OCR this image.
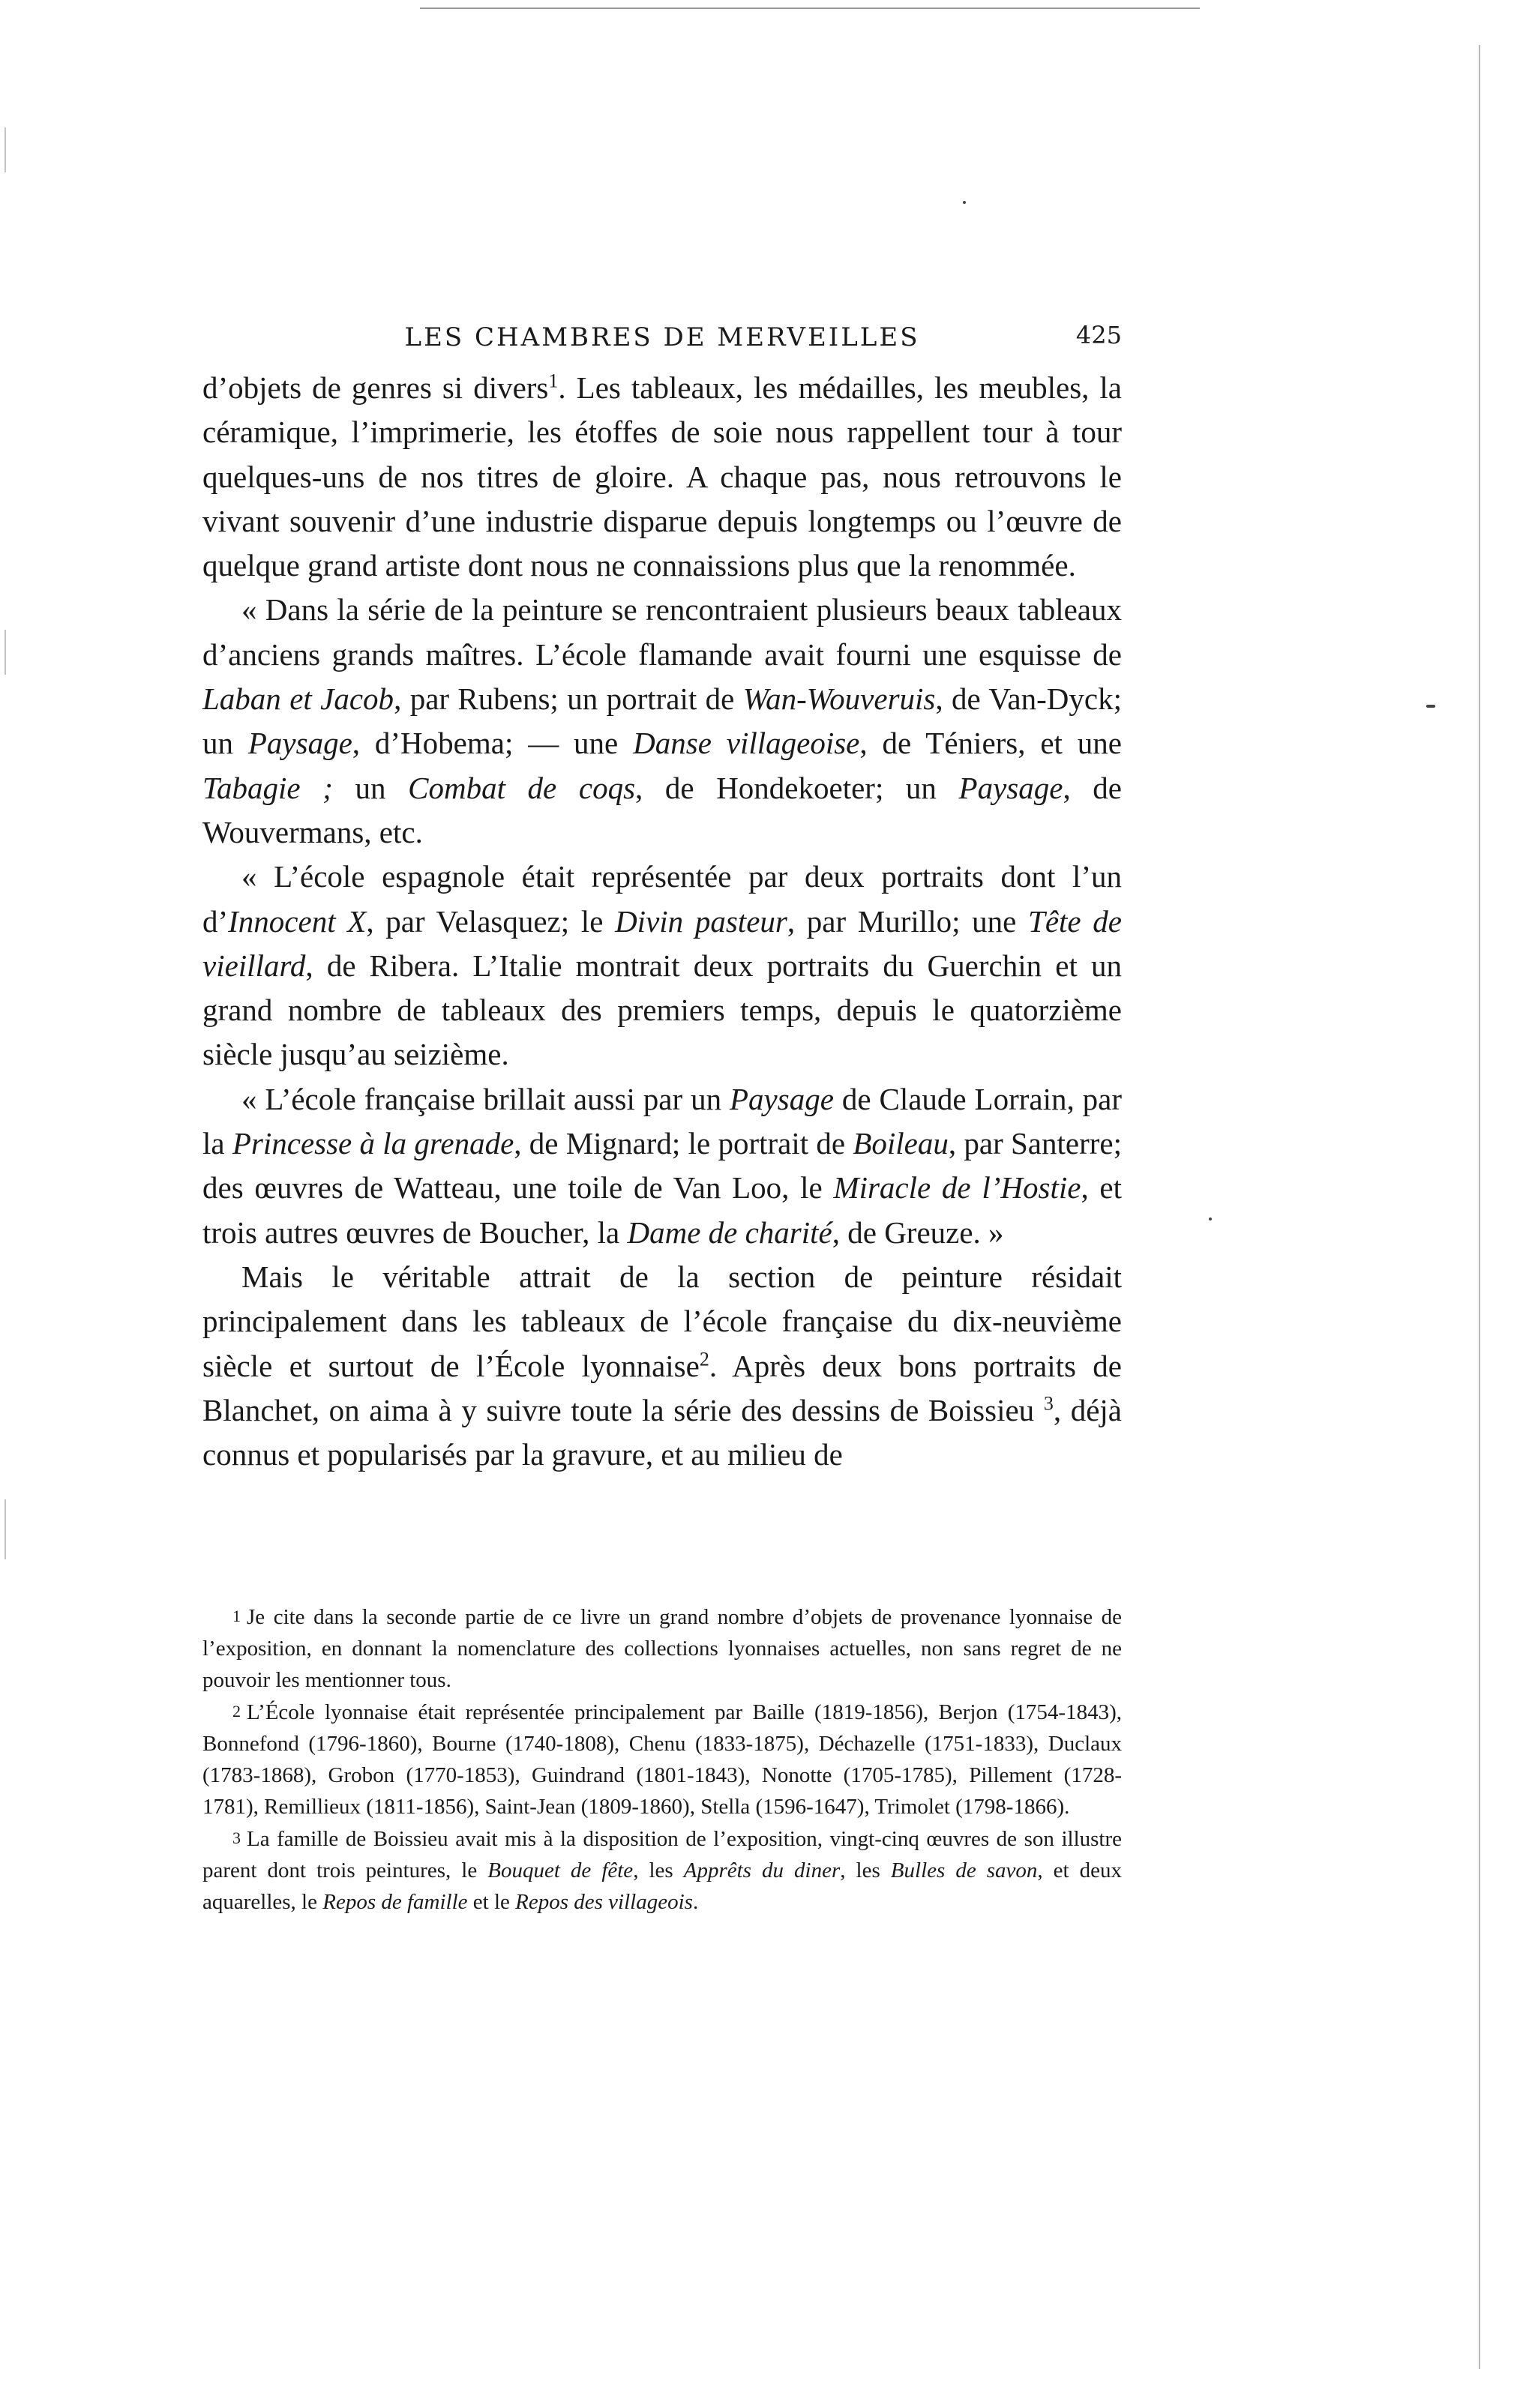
LES CHAMBRES DE MERVEILLES	425

d’objets de genres si divers$^1$. Les tableaux, les médailles, les meubles, la céramique, l’imprimerie, les étoffes de soie nous rappellent tour à tour quelques-uns de nos titres de gloire. A chaque pas, nous retrouvons le vivant souvenir d’une industrie disparue depuis longtemps ou l’œuvre de quelque grand artiste dont nous ne connaissions plus que la renommée.

« Dans la série de la peinture se rencontraient plusieurs beaux tableaux d’anciens grands maîtres. L’école flamande avait fourni une esquisse de Laban et Jacob, par Rubens; un portrait de Wan-Wouveruis, de Van-Dyck; un Paysage, d’Hobema; — une Danse villageoise, de Téniers, et une Tabagie ; un Combat de coqs, de Hondekoeter; un Paysage, de Wouvermans, etc.

« L’école espagnole était représentée par deux portraits dont l’un d’Innocent X, par Velasquez; le Divin pasteur, par Murillo; une Tête de vieillard, de Ribera. L’Italie montrait deux portraits du Guerchin et un grand nombre de tableaux des premiers temps, depuis le quatorzième siècle jusqu’au seizième.

« L’école française brillait aussi par un Paysage de Claude Lorrain, par la Princesse à la grenade, de Mignard; le portrait de Boileau, par Santerre; des œuvres de Watteau, une toile de Van Loo, le Miracle de l’Hostie, et trois autres œuvres de Boucher, la Dame de charité, de Greuze. »

Mais le véritable attrait de la section de peinture résidait principalement dans les tableaux de l’école française du dix-neuvième siècle et surtout de l’École lyonnaise$^2$. Après deux bons portraits de Blanchet, on aima à y suivre toute la série des dessins de Boissieu $^3$, déjà connus et popularisés par la gravure, et au milieu de

1 Je cite dans la seconde partie de ce livre un grand nombre d’objets de provenance lyonnaise de l’exposition, en donnant la nomenclature des collections lyonnaises actuelles, non sans regret de ne pouvoir les mentionner tous.

2 L’École lyonnaise était représentée principalement par Baille (1819-1856), Berjon (1754-1843), Bonnefond (1796-1860), Bourne (1740-1808), Chenu (1833-1875), Déchazelle (1751-1833), Duclaux (1783-1868), Grobon (1770-1853), Guindrand (1801-1843), Nonotte (1705-1785), Pillement (1728-1781), Remillieux (1811-1856), Saint-Jean (1809-1860), Stella (1596-1647), Trimolet (1798-1866).

3 La famille de Boissieu avait mis à la disposition de l’exposition, vingt-cinq œuvres de son illustre parent dont trois peintures, le Bouquet de fête, les Apprêts du diner, les Bulles de savon, et deux aquarelles, le Repos de famille et le Repos des villageois.
